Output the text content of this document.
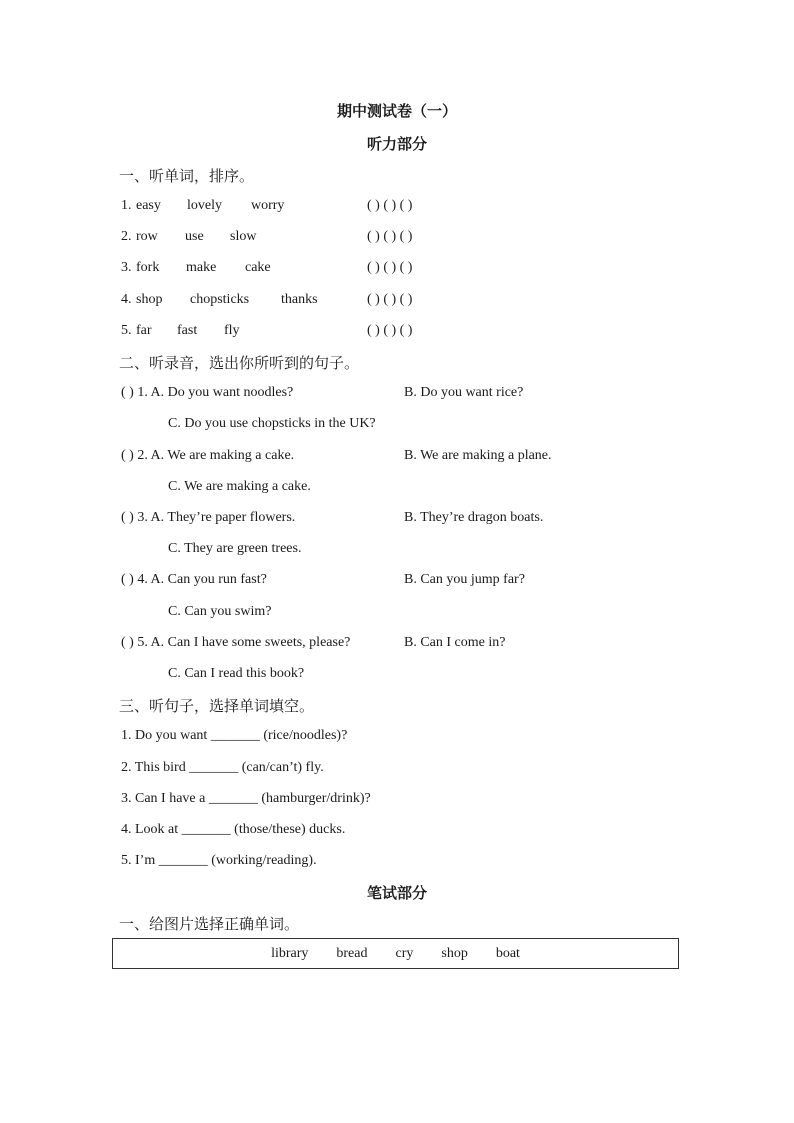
期中测试卷（一）
听力部分
一、听单词，排序。
1. easy lovely worry	( ) ( ) ( )
2. row use slow	( ) ( ) ( )
3. fork make cake	( ) ( ) ( )
4. shop chopsticks thanks	( ) ( ) ( )
5. far fast fly	( ) ( ) ( )
二、听录音，选出你所听到的句子。
( ) 1. A. Do you want noodles?	B. Do you want rice?
C. Do you use chopsticks in the UK?
( ) 2. A. We are making a cake.	B. We are making a plane.
C. We are making a cake.
( ) 3. A. They’re paper flowers.	B. They’re dragon boats.
C. They are green trees.
( ) 4. A. Can you run fast?	B. Can you jump far?
C. Can you swim?
( ) 5. A. Can I have some sweets, please?	B. Can I come in?
C. Can I read this book?
三、听句子，选择单词填空。
1. Do you want _______ (rice/noodles)?
2. This bird _______ (can/can’t) fly.
3. Can I have a _______ (hamburger/drink)?
4. Look at _______ (those/these) ducks.
5. I’m _______ (working/reading).
笔试部分
一、给图片选择正确单词。
library bread cry shop boat
